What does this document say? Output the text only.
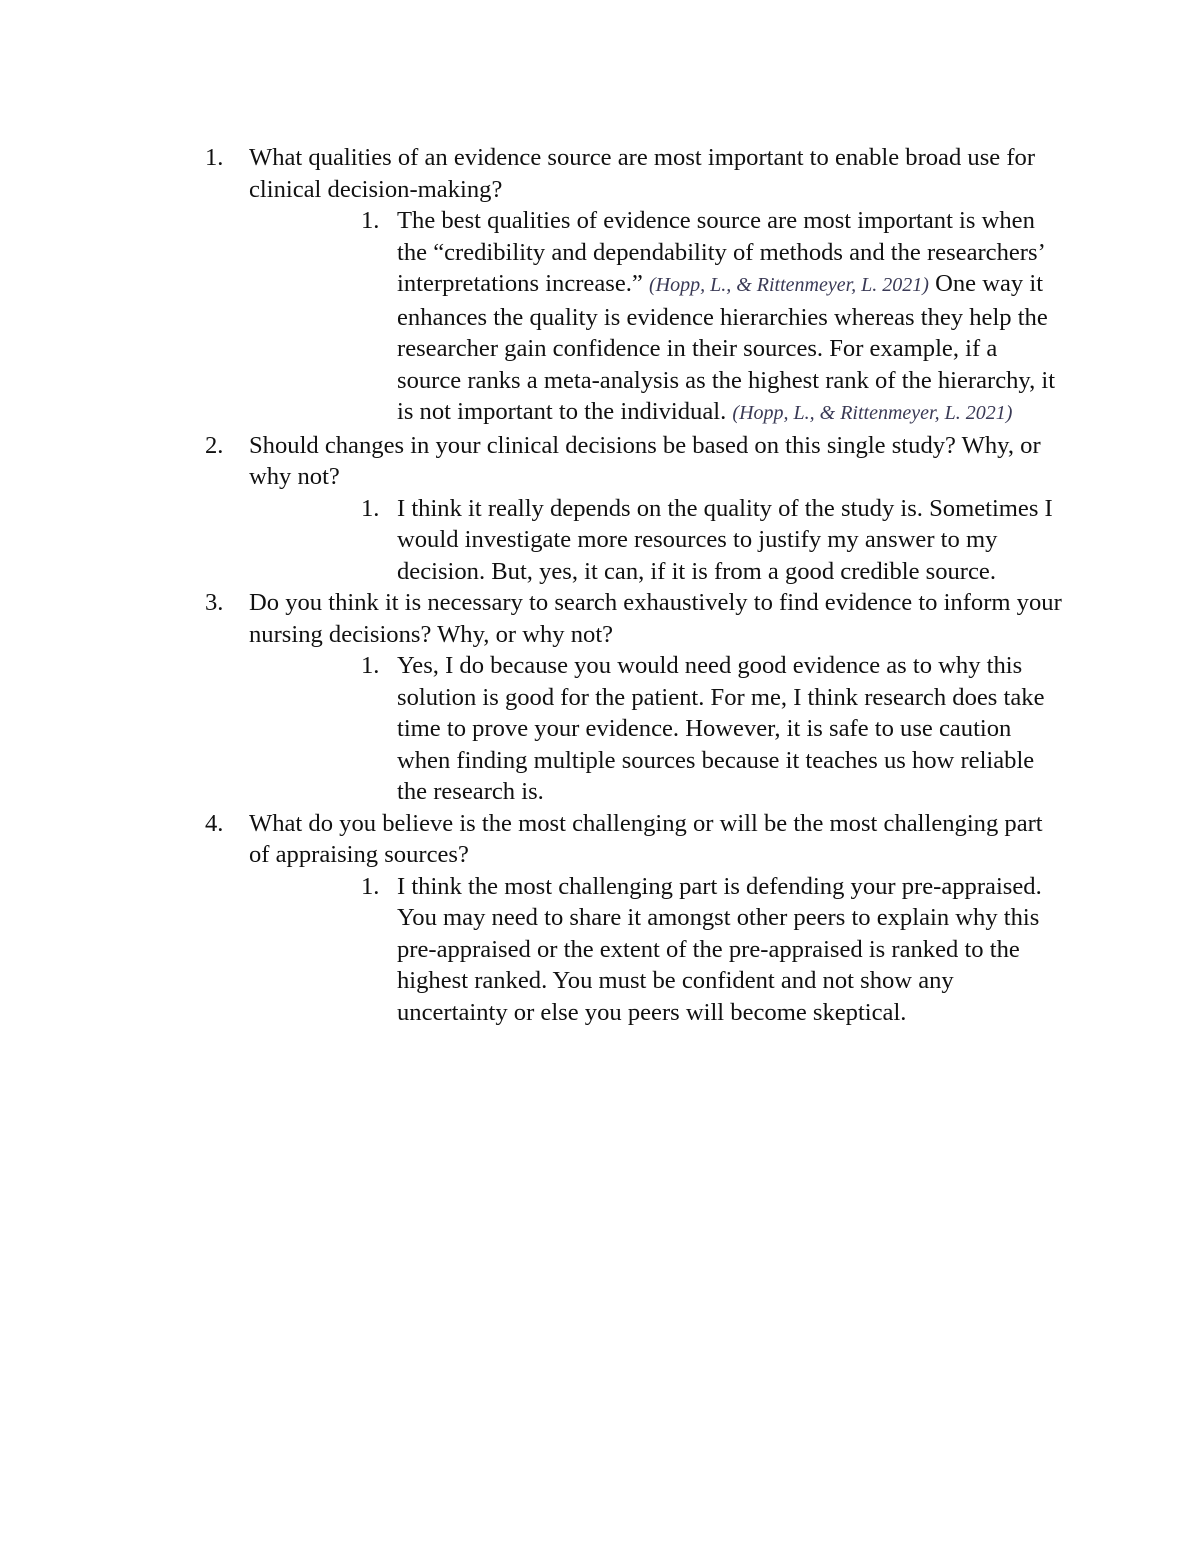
1.	What qualities of an evidence source are most important to enable broad use for clinical decision-making?
1. The best qualities of evidence source are most important is when the “credibility and dependability of methods and the researchers’ interpretations increase.” (Hopp, L., & Rittenmeyer, L. 2021) One way it enhances the quality is evidence hierarchies whereas they help the researcher gain confidence in their sources. For example, if a source ranks a meta-analysis as the highest rank of the hierarchy, it is not important to the individual. (Hopp, L., & Rittenmeyer, L. 2021)
2.	Should changes in your clinical decisions be based on this single study? Why, or why not?
1. I think it really depends on the quality of the study is. Sometimes I would investigate more resources to justify my answer to my decision. But, yes, it can, if it is from a good credible source.
3.	Do you think it is necessary to search exhaustively to find evidence to inform your nursing decisions? Why, or why not?
1. Yes, I do because you would need good evidence as to why this solution is good for the patient. For me, I think research does take time to prove your evidence. However, it is safe to use caution when finding multiple sources because it teaches us how reliable the research is.
4.	What do you believe is the most challenging or will be the most challenging part of appraising sources?
1. I think the most challenging part is defending your pre-appraised. You may need to share it amongst other peers to explain why this pre-appraised or the extent of the pre-appraised is ranked to the highest ranked. You must be confident and not show any uncertainty or else you peers will become skeptical.
